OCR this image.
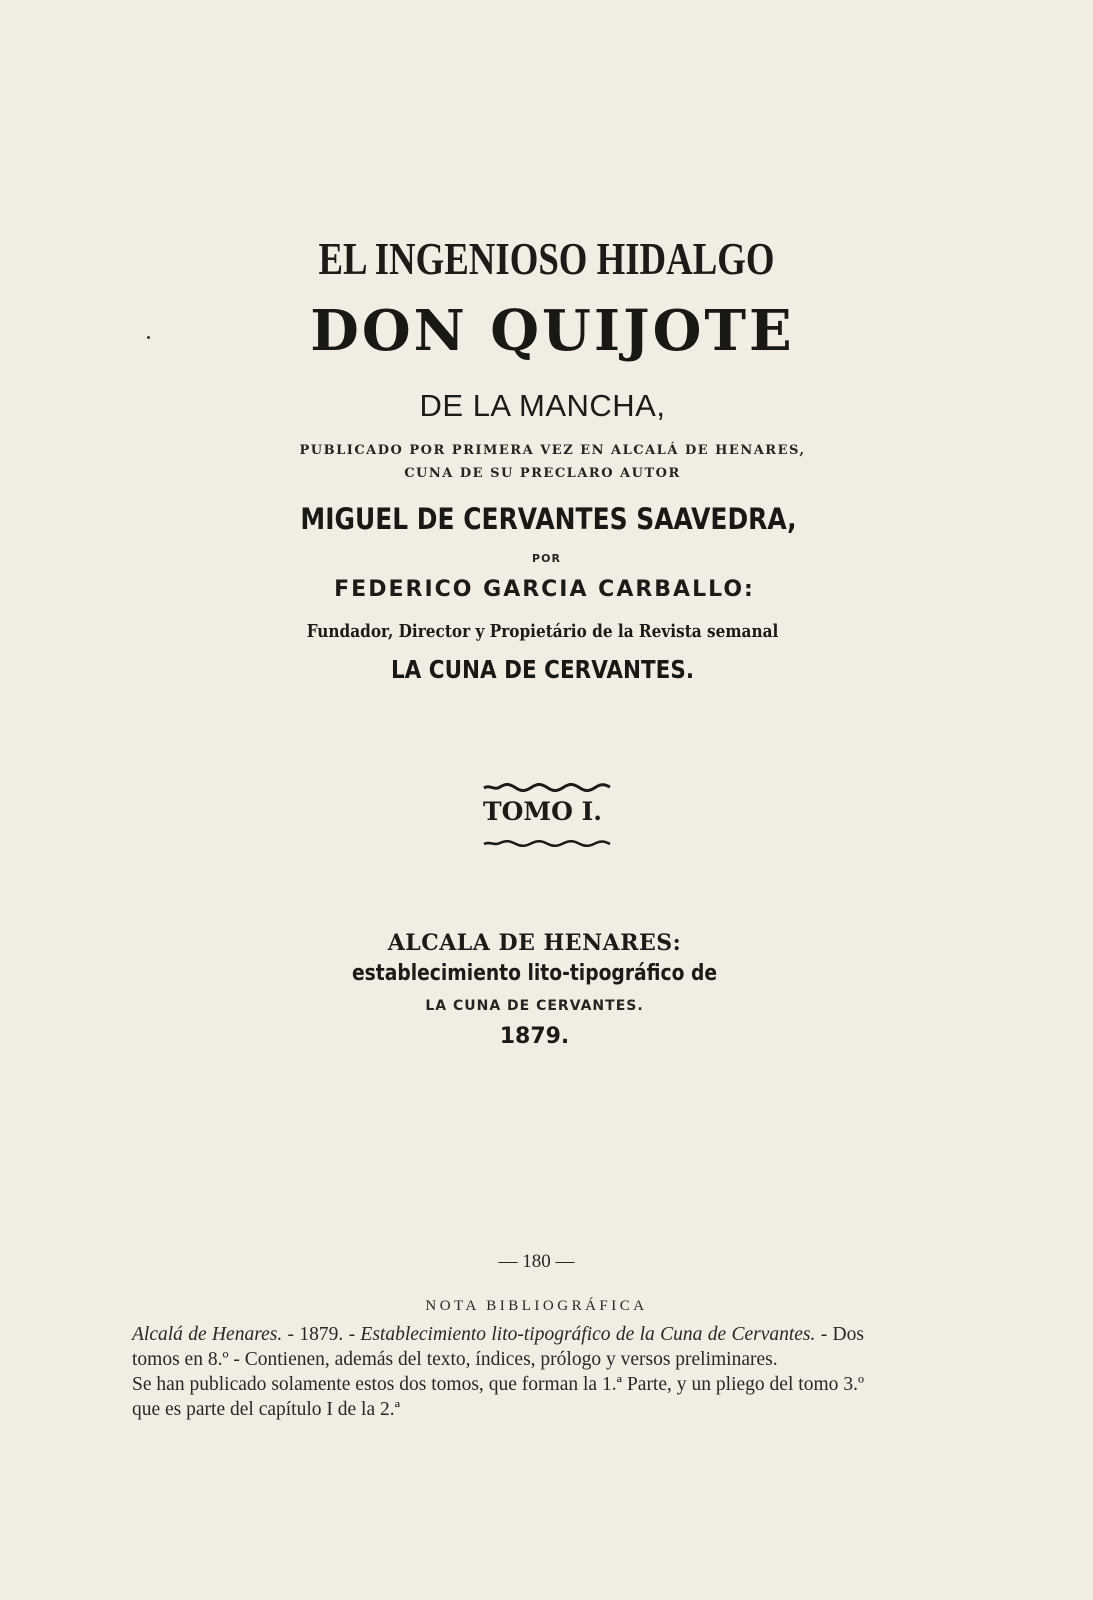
EL INGENIOSO HIDALGO
DON QUIJOTE
DE LA MANCHA,
PUBLICADO POR PRIMERA VEZ EN ALCALÁ DE HENARES,
CUNA DE SU PRECLARO AUTOR
MIGUEL DE CERVANTES SAAVEDRA,
POR
FEDERICO GARCIA CARBALLO:
Fundador, Director y Propietário de la Revista semanal
LA CUNA DE CERVANTES.
TOMO I.
ALCALA DE HENARES:
establecimiento lito-tipográfico de
LA CUNA DE CERVANTES.
1879.
— 180 —
NOTA BIBLIOGRÁFICA

Alcalá de Henares. - 1879. - Establecimiento lito-tipográfico de la Cuna de Cervantes. - Dos tomos en 8.º - Contienen, además del texto, índices, prólogo y versos preliminares.

Se han publicado solamente estos dos tomos, que forman la 1.ª Parte, y un pliego del tomo 3.º que es parte del capítulo I de la 2.ª
